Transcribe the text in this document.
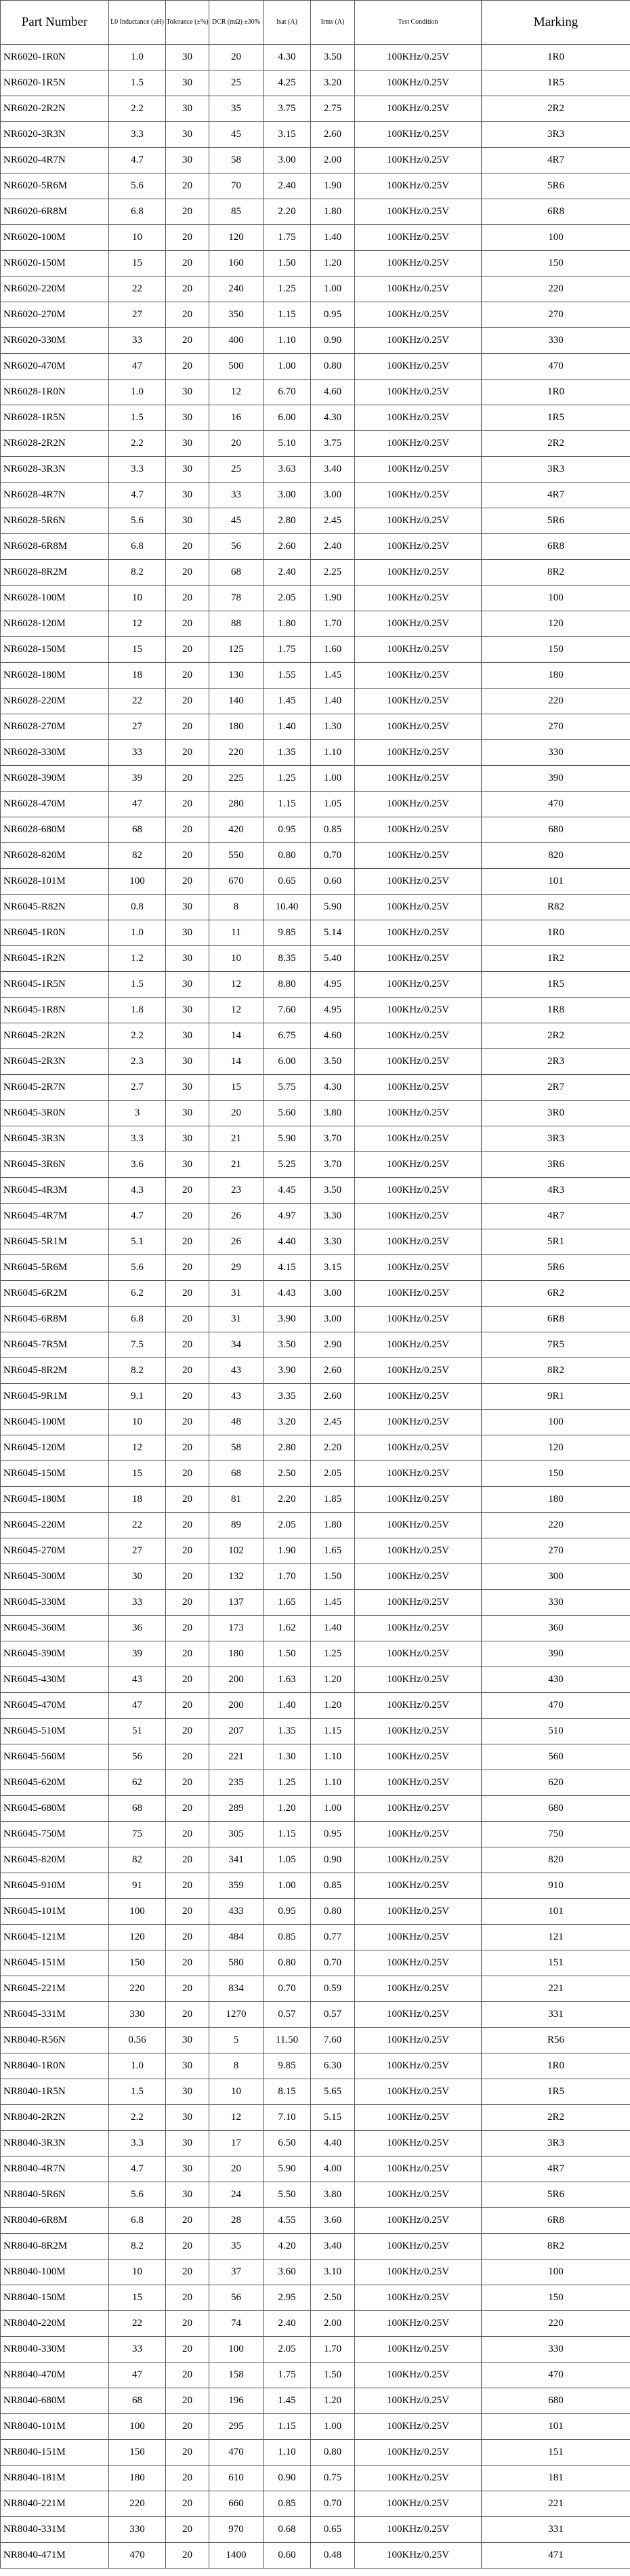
Part Number	L0 Inductance (uH)	Tolerance (±%)	DCR (mΩ) ±30%	Isat (A)	Irms (A)	Test Condition	Marking
NR6020-1R0N	1.0	30	20	4.30	3.50	100KHz/0.25V	1R0
NR6020-1R5N	1.5	30	25	4.25	3.20	100KHz/0.25V	1R5
NR6020-2R2N	2.2	30	35	3.75	2.75	100KHz/0.25V	2R2
NR6020-3R3N	3.3	30	45	3.15	2.60	100KHz/0.25V	3R3
NR6020-4R7N	4.7	30	58	3.00	2.00	100KHz/0.25V	4R7
NR6020-5R6M	5.6	20	70	2.40	1.90	100KHz/0.25V	5R6
NR6020-6R8M	6.8	20	85	2.20	1.80	100KHz/0.25V	6R8
NR6020-100M	10	20	120	1.75	1.40	100KHz/0.25V	100
NR6020-150M	15	20	160	1.50	1.20	100KHz/0.25V	150
NR6020-220M	22	20	240	1.25	1.00	100KHz/0.25V	220
NR6020-270M	27	20	350	1.15	0.95	100KHz/0.25V	270
NR6020-330M	33	20	400	1.10	0.90	100KHz/0.25V	330
NR6020-470M	47	20	500	1.00	0.80	100KHz/0.25V	470
NR6028-1R0N	1.0	30	12	6.70	4.60	100KHz/0.25V	1R0
NR6028-1R5N	1.5	30	16	6.00	4.30	100KHz/0.25V	1R5
NR6028-2R2N	2.2	30	20	5.10	3.75	100KHz/0.25V	2R2
NR6028-3R3N	3.3	30	25	3.63	3.40	100KHz/0.25V	3R3
NR6028-4R7N	4.7	30	33	3.00	3.00	100KHz/0.25V	4R7
NR6028-5R6N	5.6	30	45	2.80	2.45	100KHz/0.25V	5R6
NR6028-6R8M	6.8	20	56	2.60	2.40	100KHz/0.25V	6R8
NR6028-8R2M	8.2	20	68	2.40	2.25	100KHz/0.25V	8R2
NR6028-100M	10	20	78	2.05	1.90	100KHz/0.25V	100
NR6028-120M	12	20	88	1.80	1.70	100KHz/0.25V	120
NR6028-150M	15	20	125	1.75	1.60	100KHz/0.25V	150
NR6028-180M	18	20	130	1.55	1.45	100KHz/0.25V	180
NR6028-220M	22	20	140	1.45	1.40	100KHz/0.25V	220
NR6028-270M	27	20	180	1.40	1.30	100KHz/0.25V	270
NR6028-330M	33	20	220	1.35	1.10	100KHz/0.25V	330
NR6028-390M	39	20	225	1.25	1.00	100KHz/0.25V	390
NR6028-470M	47	20	280	1.15	1.05	100KHz/0.25V	470
NR6028-680M	68	20	420	0.95	0.85	100KHz/0.25V	680
NR6028-820M	82	20	550	0.80	0.70	100KHz/0.25V	820
NR6028-101M	100	20	670	0.65	0.60	100KHz/0.25V	101
NR6045-R82N	0.8	30	8	10.40	5.90	100KHz/0.25V	R82
NR6045-1R0N	1.0	30	11	9.85	5.14	100KHz/0.25V	1R0
NR6045-1R2N	1.2	30	10	8.35	5.40	100KHz/0.25V	1R2
NR6045-1R5N	1.5	30	12	8.80	4.95	100KHz/0.25V	1R5
NR6045-1R8N	1.8	30	12	7.60	4.95	100KHz/0.25V	1R8
NR6045-2R2N	2.2	30	14	6.75	4.60	100KHz/0.25V	2R2
NR6045-2R3N	2.3	30	14	6.00	3.50	100KHz/0.25V	2R3
NR6045-2R7N	2.7	30	15	5.75	4.30	100KHz/0.25V	2R7
NR6045-3R0N	3	30	20	5.60	3.80	100KHz/0.25V	3R0
NR6045-3R3N	3.3	30	21	5.90	3.70	100KHz/0.25V	3R3
NR6045-3R6N	3.6	30	21	5.25	3.70	100KHz/0.25V	3R6
NR6045-4R3M	4.3	20	23	4.45	3.50	100KHz/0.25V	4R3
NR6045-4R7M	4.7	20	26	4.97	3.30	100KHz/0.25V	4R7
NR6045-5R1M	5.1	20	26	4.40	3.30	100KHz/0.25V	5R1
NR6045-5R6M	5.6	20	29	4.15	3.15	100KHz/0.25V	5R6
NR6045-6R2M	6.2	20	31	4.43	3.00	100KHz/0.25V	6R2
NR6045-6R8M	6.8	20	31	3.90	3.00	100KHz/0.25V	6R8
NR6045-7R5M	7.5	20	34	3.50	2.90	100KHz/0.25V	7R5
NR6045-8R2M	8.2	20	43	3.90	2.60	100KHz/0.25V	8R2
NR6045-9R1M	9.1	20	43	3.35	2.60	100KHz/0.25V	9R1
NR6045-100M	10	20	48	3.20	2.45	100KHz/0.25V	100
NR6045-120M	12	20	58	2.80	2.20	100KHz/0.25V	120
NR6045-150M	15	20	68	2.50	2.05	100KHz/0.25V	150
NR6045-180M	18	20	81	2.20	1.85	100KHz/0.25V	180
NR6045-220M	22	20	89	2.05	1.80	100KHz/0.25V	220
NR6045-270M	27	20	102	1.90	1.65	100KHz/0.25V	270
NR6045-300M	30	20	132	1.70	1.50	100KHz/0.25V	300
NR6045-330M	33	20	137	1.65	1.45	100KHz/0.25V	330
NR6045-360M	36	20	173	1.62	1.40	100KHz/0.25V	360
NR6045-390M	39	20	180	1.50	1.25	100KHz/0.25V	390
NR6045-430M	43	20	200	1.63	1.20	100KHz/0.25V	430
NR6045-470M	47	20	200	1.40	1.20	100KHz/0.25V	470
NR6045-510M	51	20	207	1.35	1.15	100KHz/0.25V	510
NR6045-560M	56	20	221	1.30	1.10	100KHz/0.25V	560
NR6045-620M	62	20	235	1.25	1.10	100KHz/0.25V	620
NR6045-680M	68	20	289	1.20	1.00	100KHz/0.25V	680
NR6045-750M	75	20	305	1.15	0.95	100KHz/0.25V	750
NR6045-820M	82	20	341	1.05	0.90	100KHz/0.25V	820
NR6045-910M	91	20	359	1.00	0.85	100KHz/0.25V	910
NR6045-101M	100	20	433	0.95	0.80	100KHz/0.25V	101
NR6045-121M	120	20	484	0.85	0.77	100KHz/0.25V	121
NR6045-151M	150	20	580	0.80	0.70	100KHz/0.25V	151
NR6045-221M	220	20	834	0.70	0.59	100KHz/0.25V	221
NR6045-331M	330	20	1270	0.57	0.57	100KHz/0.25V	331
NR8040-R56N	0.56	30	5	11.50	7.60	100KHz/0.25V	R56
NR8040-1R0N	1.0	30	8	9.85	6.30	100KHz/0.25V	1R0
NR8040-1R5N	1.5	30	10	8.15	5.65	100KHz/0.25V	1R5
NR8040-2R2N	2.2	30	12	7.10	5.15	100KHz/0.25V	2R2
NR8040-3R3N	3.3	30	17	6.50	4.40	100KHz/0.25V	3R3
NR8040-4R7N	4.7	30	20	5.90	4.00	100KHz/0.25V	4R7
NR8040-5R6N	5.6	30	24	5.50	3.80	100KHz/0.25V	5R6
NR8040-6R8M	6.8	20	28	4.55	3.60	100KHz/0.25V	6R8
NR8040-8R2M	8.2	20	35	4.20	3.40	100KHz/0.25V	8R2
NR8040-100M	10	20	37	3.60	3.10	100KHz/0.25V	100
NR8040-150M	15	20	56	2.95	2.50	100KHz/0.25V	150
NR8040-220M	22	20	74	2.40	2.00	100KHz/0.25V	220
NR8040-330M	33	20	100	2.05	1.70	100KHz/0.25V	330
NR8040-470M	47	20	158	1.75	1.50	100KHz/0.25V	470
NR8040-680M	68	20	196	1.45	1.20	100KHz/0.25V	680
NR8040-101M	100	20	295	1.15	1.00	100KHz/0.25V	101
NR8040-151M	150	20	470	1.10	0.80	100KHz/0.25V	151
NR8040-181M	180	20	610	0.90	0.75	100KHz/0.25V	181
NR8040-221M	220	20	660	0.85	0.70	100KHz/0.25V	221
NR8040-331M	330	20	970	0.68	0.65	100KHz/0.25V	331
NR8040-471M	470	20	1400	0.60	0.48	100KHz/0.25V	471
